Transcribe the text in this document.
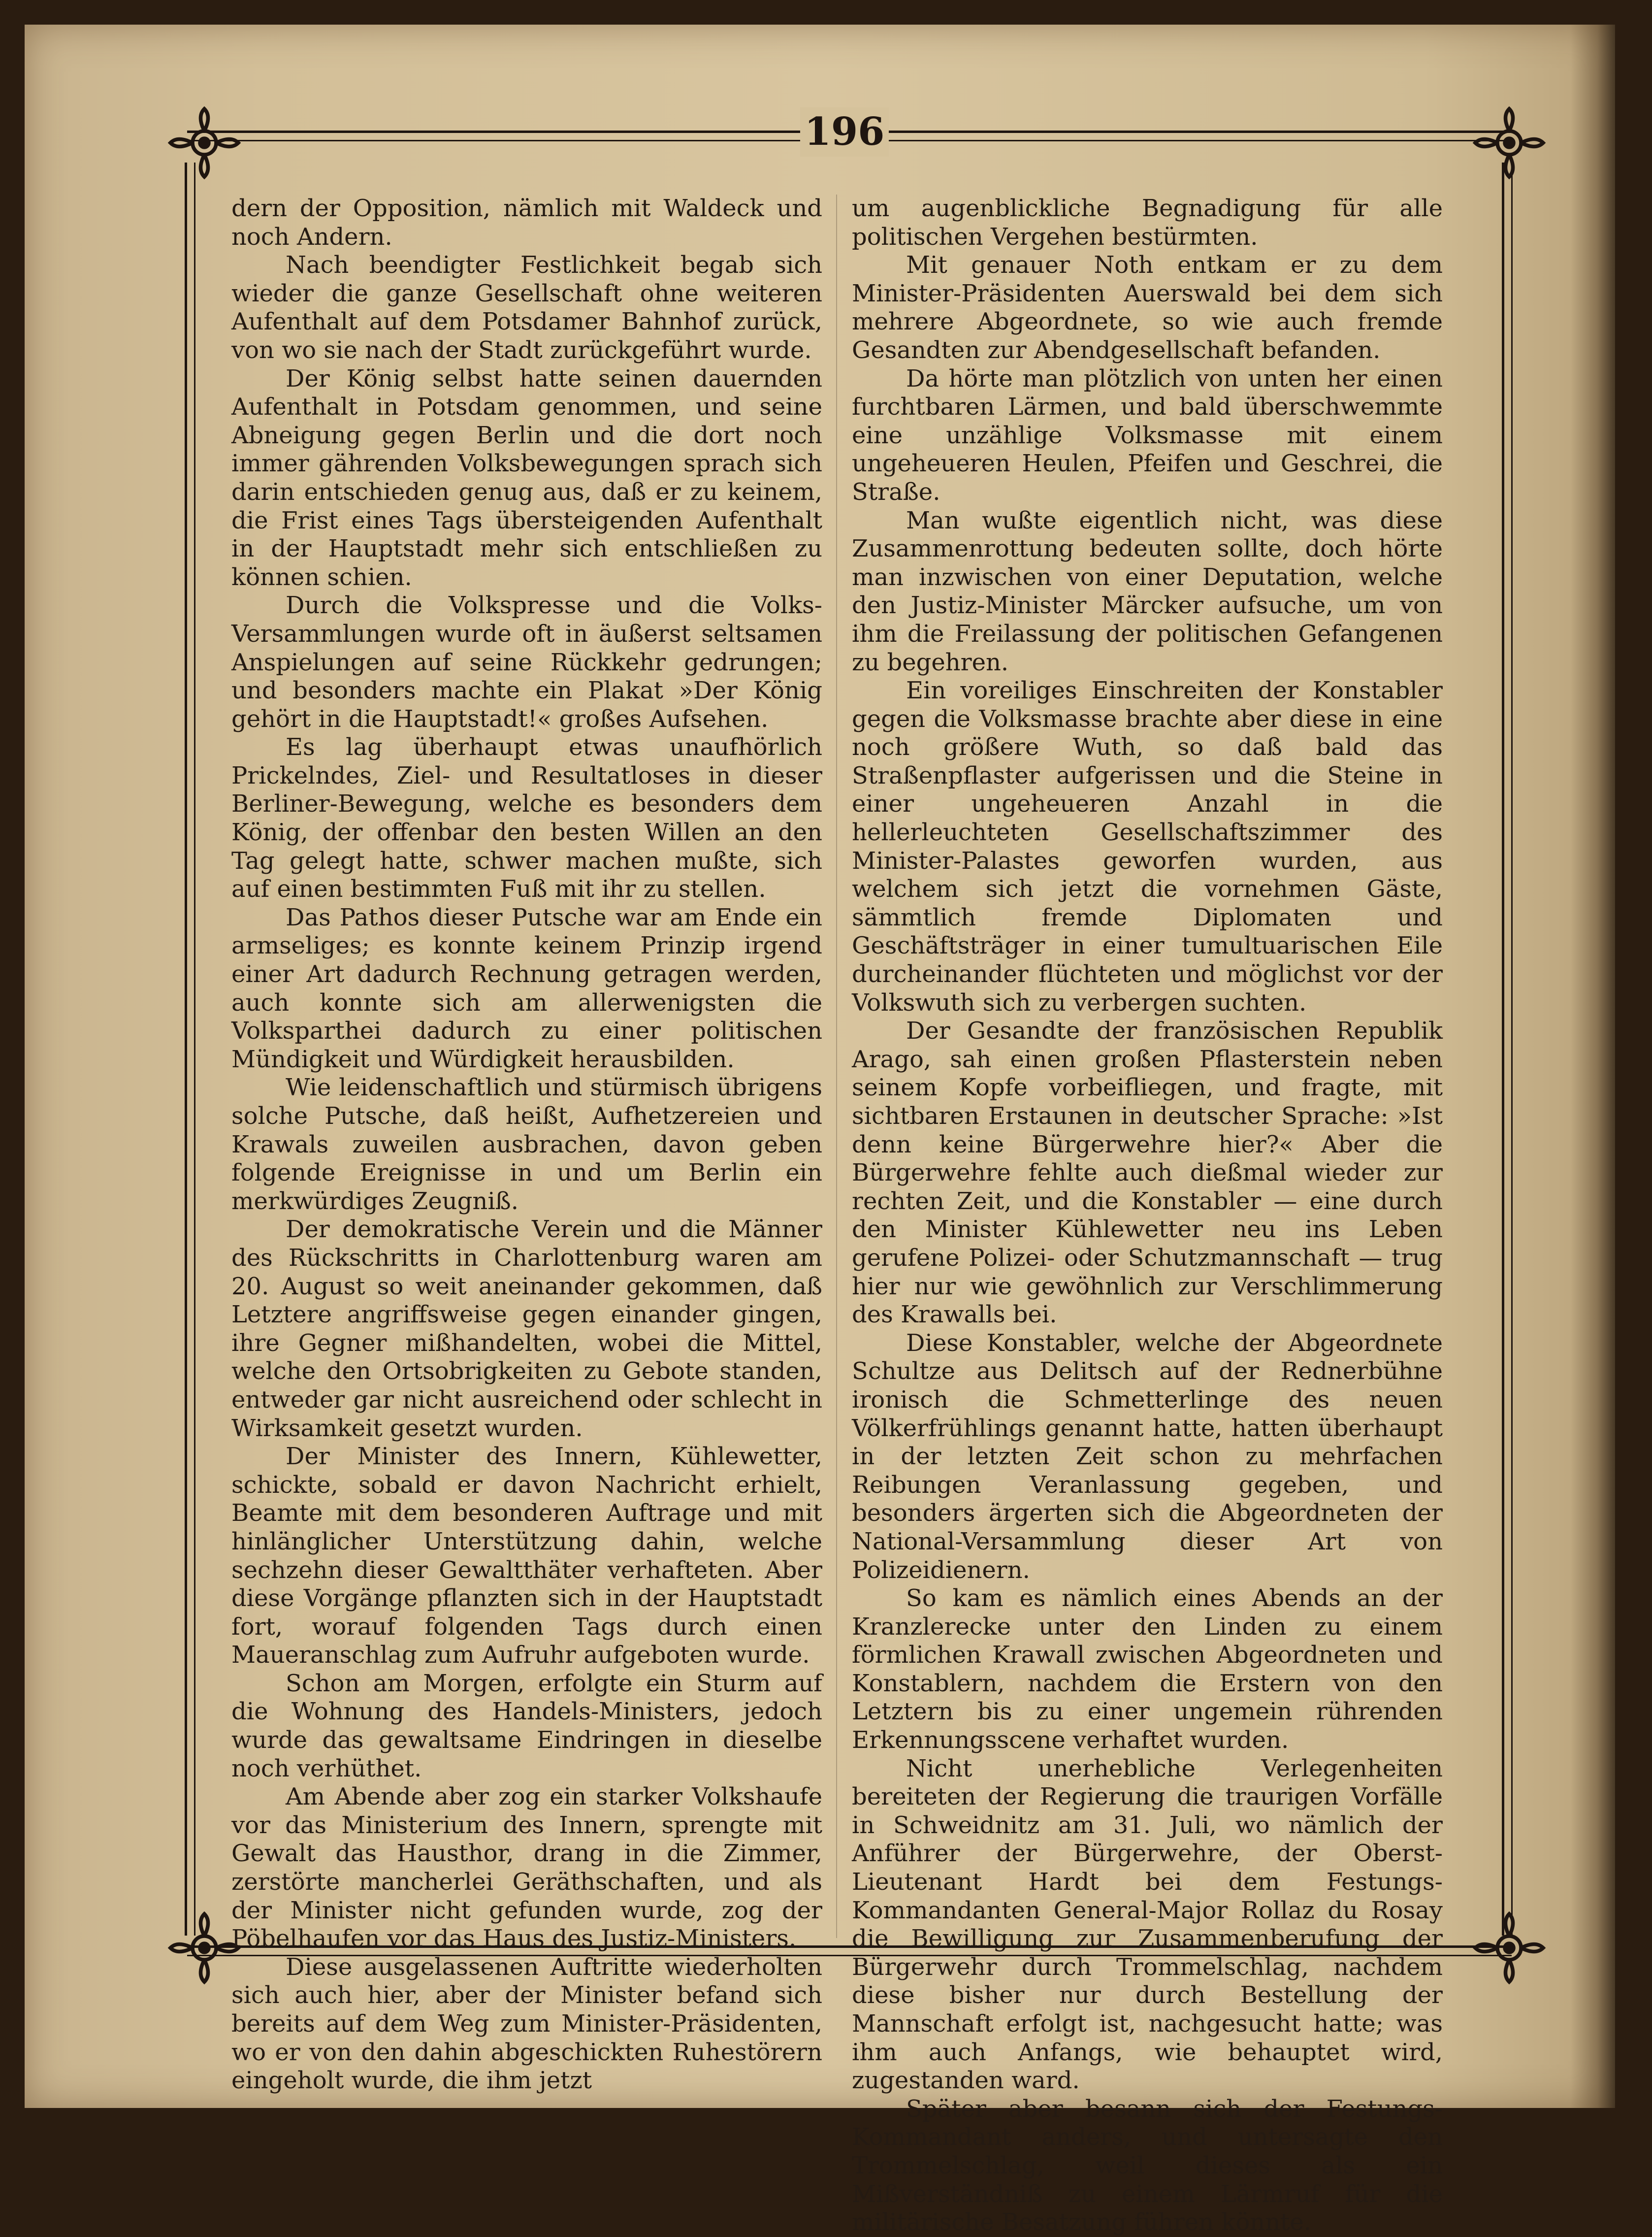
196

dern der Opposition, nämlich mit Waldeck und noch Andern.

Nach beendigter Festlichkeit begab sich wieder die ganze Gesellschaft ohne weiteren Aufenthalt auf dem Potsdamer Bahnhof zurück, von wo sie nach der Stadt zurückgeführt wurde.

Der König selbst hatte seinen dauernden Aufenthalt in Potsdam genommen, und seine Abneigung gegen Berlin und die dort noch immer gährenden Volksbewegungen sprach sich darin entschieden genug aus, daß er zu keinem, die Frist eines Tags übersteigenden Aufenthalt in der Hauptstadt mehr sich entschließen zu können schien.

Durch die Volkspresse und die Volks-Versammlungen wurde oft in äußerst seltsamen Anspielungen auf seine Rückkehr gedrungen; und besonders machte ein Plakat »Der König gehört in die Hauptstadt!« großes Aufsehen.

Es lag überhaupt etwas unaufhörlich Prickelndes, Ziel- und Resultatloses in dieser Berliner-Bewegung, welche es besonders dem König, der offenbar den besten Willen an den Tag gelegt hatte, schwer machen mußte, sich auf einen bestimmten Fuß mit ihr zu stellen.

Das Pathos dieser Putsche war am Ende ein armseliges; es konnte keinem Prinzip irgend einer Art dadurch Rechnung getragen werden, auch konnte sich am allerwenigsten die Volksparthei dadurch zu einer politischen Mündigkeit und Würdigkeit herausbilden.

Wie leidenschaftlich und stürmisch übrigens solche Putsche, daß heißt, Aufhetzereien und Krawals zuweilen ausbrachen, davon geben folgende Ereignisse in und um Berlin ein merkwürdiges Zeugniß.

Der demokratische Verein und die Männer des Rückschritts in Charlottenburg waren am 20. August so weit aneinander gekommen, daß Letztere angriffsweise gegen einander gingen, ihre Gegner mißhandelten, wobei die Mittel, welche den Ortsobrigkeiten zu Gebote standen, entweder gar nicht ausreichend oder schlecht in Wirksamkeit gesetzt wurden.

Der Minister des Innern, Kühlewetter, schickte, sobald er davon Nachricht erhielt, Beamte mit dem besonderen Auftrage und mit hinlänglicher Unterstützung dahin, welche sechzehn dieser Gewaltthäter verhafteten. Aber diese Vorgänge pflanzten sich in der Hauptstadt fort, worauf folgenden Tags durch einen Maueranschlag zum Aufruhr aufgeboten wurde.

Schon am Morgen, erfolgte ein Sturm auf die Wohnung des Handels-Ministers, jedoch wurde das gewaltsame Eindringen in dieselbe noch verhüthet.

Am Abende aber zog ein starker Volkshaufe vor das Ministerium des Innern, sprengte mit Gewalt das Hausthor, drang in die Zimmer, zerstörte mancherlei Geräthschaften, und als der Minister nicht gefunden wurde, zog der Pöbelhaufen vor das Haus des Justiz-Ministers.

Diese ausgelassenen Auftritte wiederholten sich auch hier, aber der Minister befand sich bereits auf dem Weg zum Minister-Präsidenten, wo er von den dahin abgeschickten Ruhestörern eingeholt wurde, die ihm jetzt

um augenblickliche Begnadigung für alle politischen Vergehen bestürmten.

Mit genauer Noth entkam er zu dem Minister-Präsidenten Auerswald bei dem sich mehrere Abgeordnete, so wie auch fremde Gesandten zur Abendgesellschaft befanden.

Da hörte man plötzlich von unten her einen furchtbaren Lärmen, und bald überschwemmte eine unzählige Volksmasse mit einem ungeheueren Heulen, Pfeifen und Geschrei, die Straße.

Man wußte eigentlich nicht, was diese Zusammenrottung bedeuten sollte, doch hörte man inzwischen von einer Deputation, welche den Justiz-Minister Märcker aufsuche, um von ihm die Freilassung der politischen Gefangenen zu begehren.

Ein voreiliges Einschreiten der Konstabler gegen die Volksmasse brachte aber diese in eine noch größere Wuth, so daß bald das Straßenpflaster aufgerissen und die Steine in einer ungeheueren Anzahl in die hellerleuchteten Gesellschaftszimmer des Minister-Palastes geworfen wurden, aus welchem sich jetzt die vornehmen Gäste, sämmtlich fremde Diplomaten und Geschäftsträger in einer tumultuarischen Eile durcheinander flüchteten und möglichst vor der Volkswuth sich zu verbergen suchten.

Der Gesandte der französischen Republik Arago, sah einen großen Pflasterstein neben seinem Kopfe vorbeifliegen, und fragte, mit sichtbaren Erstaunen in deutscher Sprache: »Ist denn keine Bürgerwehre hier?« Aber die Bürgerwehre fehlte auch dießmal wieder zur rechten Zeit, und die Konstabler — eine durch den Minister Kühlewetter neu ins Leben gerufene Polizei- oder Schutzmannschaft — trug hier nur wie gewöhnlich zur Verschlimmerung des Krawalls bei.

Diese Konstabler, welche der Abgeordnete Schultze aus Delitsch auf der Rednerbühne ironisch die Schmetterlinge des neuen Völkerfrühlings genannt hatte, hatten überhaupt in der letzten Zeit schon zu mehrfachen Reibungen Veranlassung gegeben, und besonders ärgerten sich die Abgeordneten der National-Versammlung dieser Art von Polizeidienern.

So kam es nämlich eines Abends an der Kranzlerecke unter den Linden zu einem förmlichen Krawall zwischen Abgeordneten und Konstablern, nachdem die Erstern von den Letztern bis zu einer ungemein rührenden Erkennungsscene verhaftet wurden.

Nicht unerhebliche Verlegenheiten bereiteten der Regierung die traurigen Vorfälle in Schweidnitz am 31. Juli, wo nämlich der Anführer der Bürgerwehre, der Oberst-Lieutenant Hardt bei dem Festungs-Kommandanten General-Major Rollaz du Rosay die Bewilligung zur Zusammenberufung der Bürgerwehr durch Trommelschlag, nachdem diese bisher nur durch Bestellung der Mannschaft erfolgt ist, nachgesucht hatte; was ihm auch Anfangs, wie behauptet wird, zugestanden ward.

Später aber besann sich der Festungs-Kommandant anders, und untersagte den Trommelschlag, weil dieses als ein Mißverständniß zu einem Lärmruf für die militärische Besatzung führen könnte.
